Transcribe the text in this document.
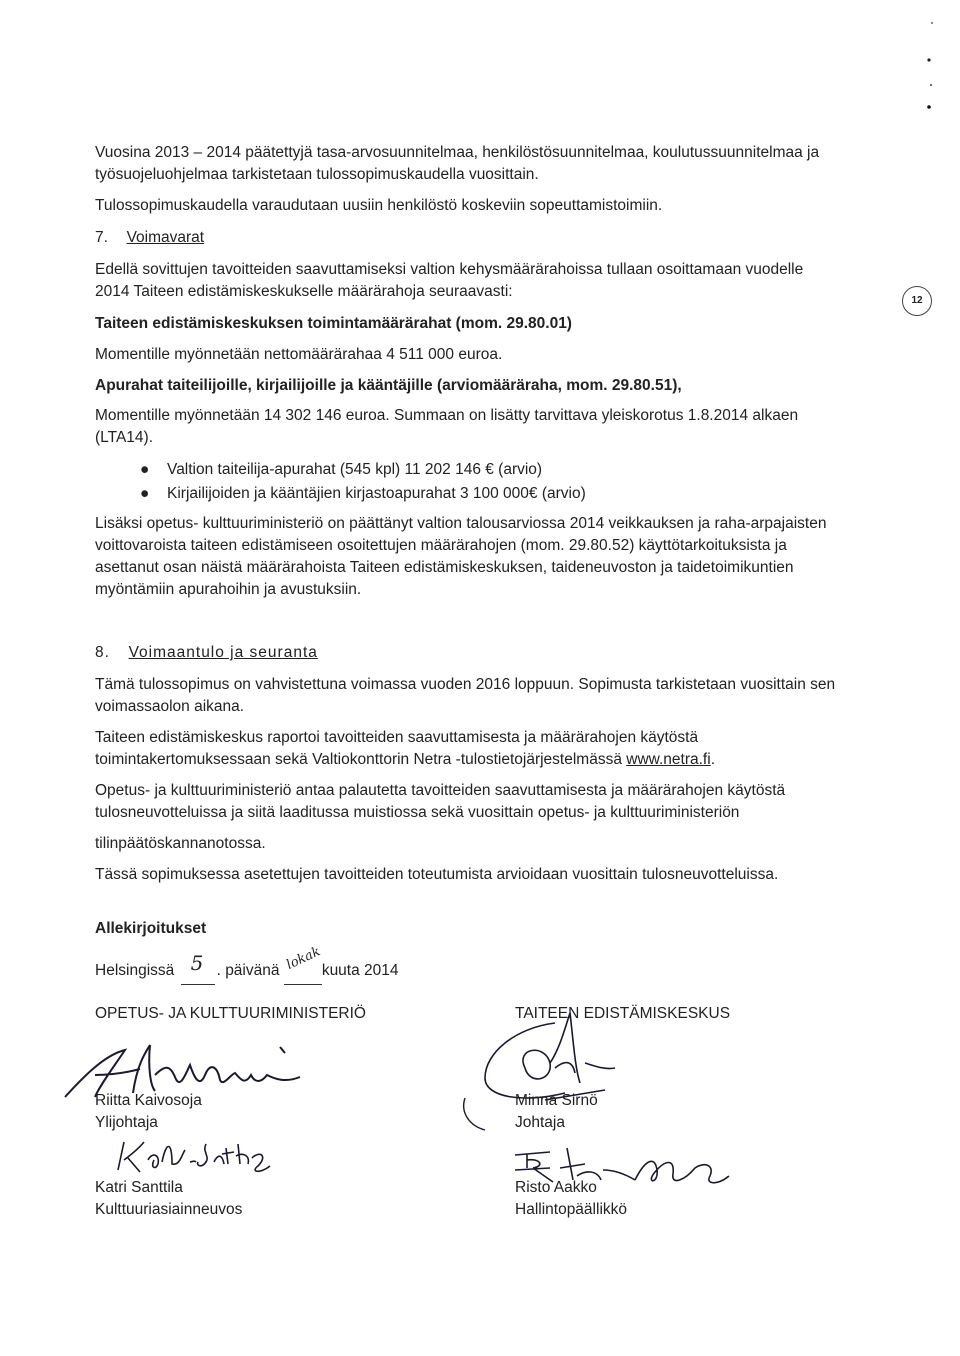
12

Vuosina 2013 – 2014 päätettyjä tasa-arvosuunnitelmaa, henkilöstösuunnitelmaa, koulutussuunnitelmaa ja

työsuojeluohjelmaa tarkistetaan tulossopimuskaudella vuosittain.

Tulossopimuskaudella varaudutaan uusiin henkilöstö koskeviin sopeuttamistoimiin.

7. Voimavarat

Edellä sovittujen tavoitteiden saavuttamiseksi valtion kehysmäärärahoissa tullaan osoittamaan vuodelle

2014 Taiteen edistämiskeskukselle määrärahoja seuraavasti:

Taiteen edistämiskeskuksen toimintamäärärahat (mom. 29.80.01)

Momentille myönnetään nettomäärärahaa 4 511 000 euroa.

Apurahat taiteilijoille, kirjailijoille ja kääntäjille (arviomääräraha, mom. 29.80.51),

Momentille myönnetään 14 302 146 euroa. Summaan on lisätty tarvittava yleiskorotus 1.8.2014 alkaen

(LTA14).

● Valtion taiteilija-apurahat (545 kpl) 11 202 146 € (arvio)
● Kirjailijoiden ja kääntäjien kirjastoapurahat 3 100 000€ (arvio)

Lisäksi opetus- kulttuuriministeriö on päättänyt valtion talousarviossa 2014 veikkauksen ja raha-arpajaisten

voittovaroista taiteen edistämiseen osoitettujen määrärahojen (mom. 29.80.52) käyttötarkoituksista ja

asettanut osan näistä määrärahoista Taiteen edistämiskeskuksen, taideneuvoston ja taidetoimikuntien

myöntämiin apurahoihin ja avustuksiin.

8. Voimaantulo ja seuranta

Tämä tulossopimus on vahvistettuna voimassa vuoden 2016 loppuun. Sopimusta tarkistetaan vuosittain sen

voimassaolon aikana.

Taiteen edistämiskeskus raportoi tavoitteiden saavuttamisesta ja määrärahojen käytöstä

toimintakertomuksessaan sekä Valtiokonttorin Netra -tulostietojärjestelmässä www.netra.fi.

Opetus- ja kulttuuriministeriö antaa palautetta tavoitteiden saavuttamisesta ja määrärahojen käytöstä

tulosneuvotteluissa ja siitä laaditussa muistiossa sekä vuosittain opetus- ja kulttuuriministeriön

tilinpäätöskannanotossa.

Tässä sopimuksessa asetettujen tavoitteiden toteutumista arvioidaan vuosittain tulosneuvotteluissa.

Allekirjoitukset

Helsingissä 5 . päivänä lokak kuuta 2014

OPETUS- JA KULTTUURIMINISTERIÖ	TAITEEN EDISTÄMISKESKUS

Riitta Kaivosoja

Ylijohtaja

Katri Santtila

Kulttuuriasiainneuvos

Minna Sirnö

Johtaja

Risto Aakko

Hallintopäällikkö
